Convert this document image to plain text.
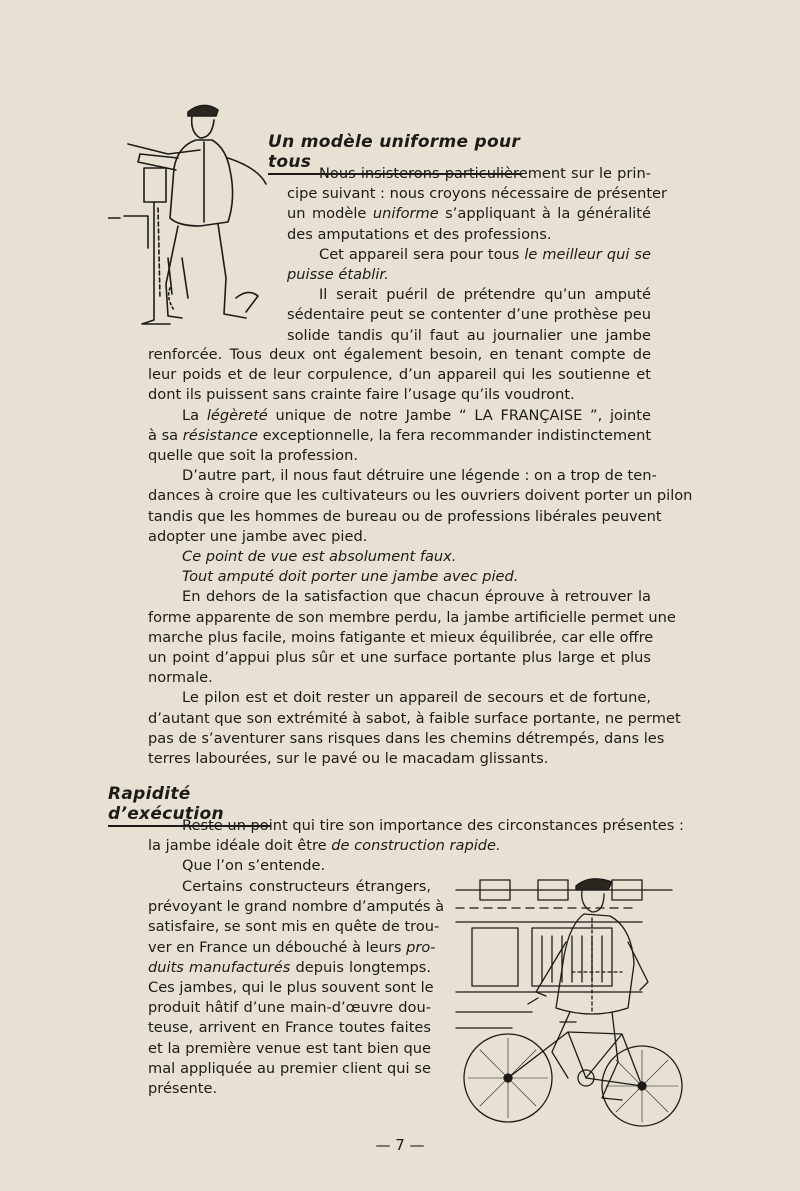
Un modèle uniforme pour tous
Nous insisterons particulièrement sur le prin-
cipe suivant : nous croyons nécessaire de présenter
un modèle uniforme s’appliquant à la généralité
des amputations et des professions.
Cet appareil sera pour tous le meilleur qui se
puisse établir.
Il serait puéril de prétendre qu’un amputé
sédentaire peut se contenter d’une prothèse peu
solide tandis qu’il faut au journalier une jambe
renforcée. Tous deux ont également besoin, en tenant compte de
leur poids et de leur corpulence, d’un appareil qui les soutienne et
dont ils puissent sans crainte faire l’usage qu’ils voudront.
La légèreté unique de notre Jambe “ LA FRANÇAISE ”, jointe
à sa résistance exceptionnelle, la fera recommander indistinctement
quelle que soit la profession.
D’autre part, il nous faut détruire une légende : on a trop de ten-
dances à croire que les cultivateurs ou les ouvriers doivent porter un pilon
tandis que les hommes de bureau ou de professions libérales peuvent
adopter une jambe avec pied.
Ce point de vue est absolument faux.
Tout amputé doit porter une jambe avec pied.
En dehors de la satisfaction que chacun éprouve à retrouver la
forme apparente de son membre perdu, la jambe artificielle permet une
marche plus facile, moins fatigante et mieux équilibrée, car elle offre
un point d’appui plus sûr et une surface portante plus large et plus
normale.
Le pilon est et doit rester un appareil de secours et de fortune,
d’autant que son extrémité à sabot, à faible surface portante, ne permet
pas de s’aventurer sans risques dans les chemins détrempés, dans les
terres labourées, sur le pavé ou le macadam glissants.
Rapidité d’exécution
Reste un point qui tire son importance des circonstances présentes :
la jambe idéale doit être de construction rapide.
Que l’on s’entende.
Certains constructeurs étrangers,
prévoyant le grand nombre d’amputés à
satisfaire, se sont mis en quête de trou-
ver en France un débouché à leurs pro-
duits manufacturés depuis longtemps.
Ces jambes, qui le plus souvent sont le
produit hâtif d’une main-d’œuvre dou-
teuse, arrivent en France toutes faites
et la première venue est tant bien que
mal appliquée au premier client qui se
présente.
— 7 —
